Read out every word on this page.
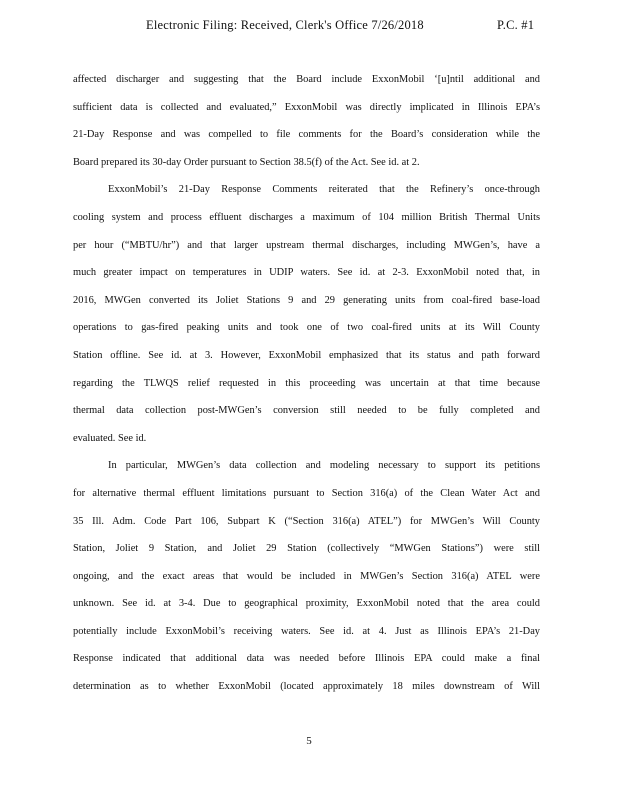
Electronic Filing: Received, Clerk's Office 7/26/2018	P.C. #1
affected discharger and suggesting that the Board include ExxonMobil ‘[u]ntil additional and
sufficient data is collected and evaluated,” ExxonMobil was directly implicated in Illinois EPA’s
21-Day Response and was compelled to file comments for the Board’s consideration while the
Board prepared its 30-day Order pursuant to Section 38.5(f) of the Act. See id. at 2.
ExxonMobil’s 21-Day Response Comments reiterated that the Refinery’s once-through
cooling system and process effluent discharges a maximum of 104 million British Thermal Units
per hour (“MBTU/hr”) and that larger upstream thermal discharges, including MWGen’s, have a
much greater impact on temperatures in UDIP waters. See id. at 2-3. ExxonMobil noted that, in
2016, MWGen converted its Joliet Stations 9 and 29 generating units from coal-fired base-load
operations to gas-fired peaking units and took one of two coal-fired units at its Will County
Station offline. See id. at 3. However, ExxonMobil emphasized that its status and path forward
regarding the TLWQS relief requested in this proceeding was uncertain at that time because
thermal data collection post-MWGen’s conversion still needed to be fully completed and
evaluated. See id.
In particular, MWGen’s data collection and modeling necessary to support its petitions
for alternative thermal effluent limitations pursuant to Section 316(a) of the Clean Water Act and
35 Ill. Adm. Code Part 106, Subpart K (“Section 316(a) ATEL”) for MWGen’s Will County
Station, Joliet 9 Station, and Joliet 29 Station (collectively “MWGen Stations”) were still
ongoing, and the exact areas that would be included in MWGen’s Section 316(a) ATEL were
unknown. See id. at 3-4. Due to geographical proximity, ExxonMobil noted that the area could
potentially include ExxonMobil’s receiving waters. See id. at 4. Just as Illinois EPA’s 21-Day
Response indicated that additional data was needed before Illinois EPA could make a final
determination as to whether ExxonMobil (located approximately 18 miles downstream of Will
5
